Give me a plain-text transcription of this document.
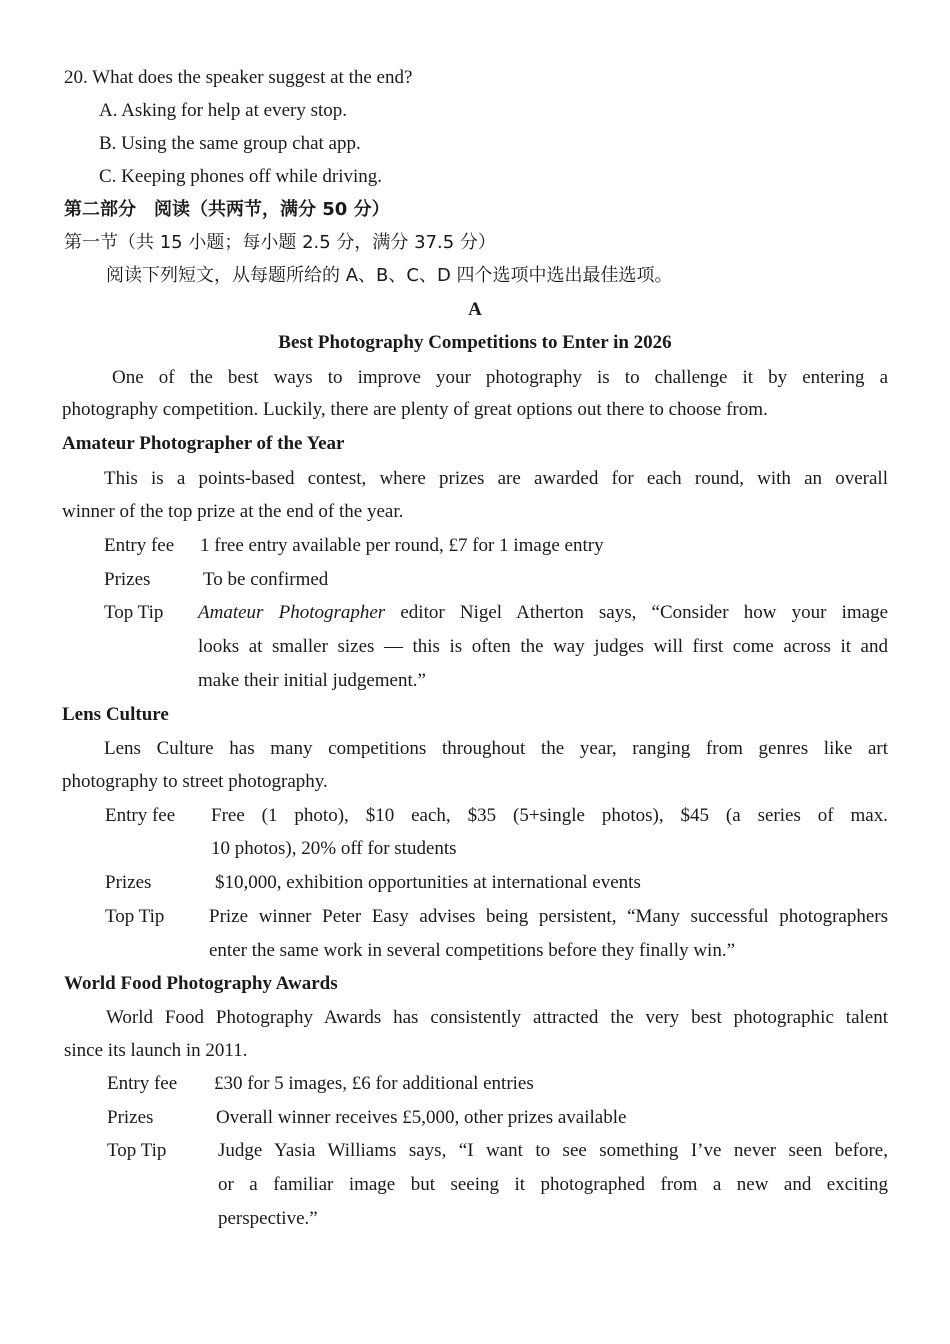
20. What does the speaker suggest at the end?
A. Asking for help at every stop.
B. Using the same group chat app.
C. Keeping phones off while driving.
第二部分　阅读（共两节，满分 50 分）
第一节（共 15 小题；每小题 2.5 分，满分 37.5 分）
阅读下列短文，从每题所给的 A、B、C、D 四个选项中选出最佳选项。
A
Best Photography Competitions to Enter in 2026
One of the best ways to improve your photography is to challenge it by entering a
photography competition. Luckily, there are plenty of great options out there to choose from.
Amateur Photographer of the Year
This is a points-based contest, where prizes are awarded for each round, with an overall
winner of the top prize at the end of the year.
Entry fee 1 free entry available per round, £7 for 1 image entry
Prizes	To be confirmed
Top Tip Amateur Photographer editor Nigel Atherton says, “Consider how your image
looks at smaller sizes — this is often the way judges will first come across it and
make their initial judgement.”
Lens Culture
Lens Culture has many competitions throughout the year, ranging from genres like art
photography to street photography.
Entry fee Free (1 photo), $10 each, $35 (5+single photos), $45 (a series of max.
10 photos), 20% off for students
Prizes	$10,000, exhibition opportunities at international events
Top Tip Prize winner Peter Easy advises being persistent, “Many successful photographers
enter the same work in several competitions before they finally win.”
World Food Photography Awards
World Food Photography Awards has consistently attracted the very best photographic talent
since its launch in 2011.
Entry fee £30 for 5 images, £6 for additional entries
Prizes	Overall winner receives £5,000, other prizes available
Top Tip	Judge Yasia Williams says, “I want to see something I’ve never seen before,
or a familiar image but seeing it photographed from a new and exciting
perspective.”
